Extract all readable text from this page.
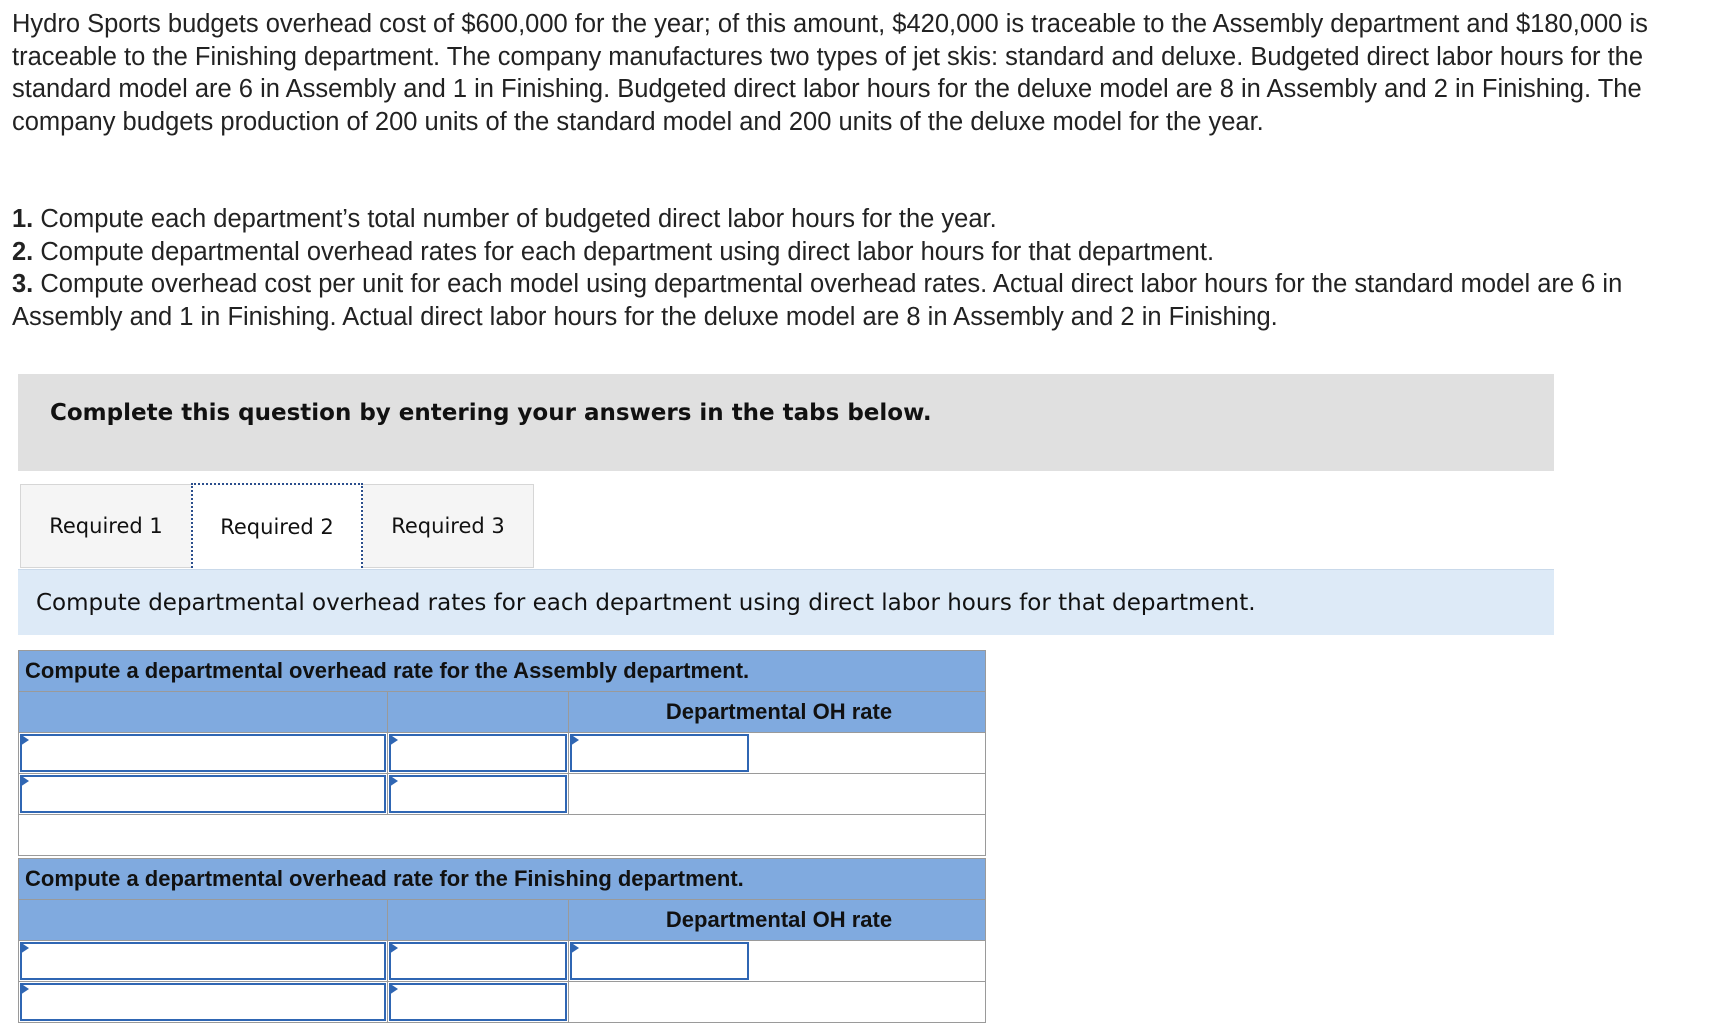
Hydro Sports budgets overhead cost of $600,000 for the year; of this amount, $420,000 is traceable to the Assembly department and $180,000 is traceable to the Finishing department. The company manufactures two types of jet skis: standard and deluxe. Budgeted direct labor hours for the standard model are 6 in Assembly and 1 in Finishing. Budgeted direct labor hours for the deluxe model are 8 in Assembly and 2 in Finishing. The company budgets production of 200 units of the standard model and 200 units of the deluxe model for the year.

1. Compute each department’s total number of budgeted direct labor hours for the year.

2. Compute departmental overhead rates for each department using direct labor hours for that department.

3. Compute overhead cost per unit for each model using departmental overhead rates. Actual direct labor hours for the standard model are 6 in Assembly and 1 in Finishing. Actual direct labor hours for the deluxe model are 8 in Assembly and 2 in Finishing.

Complete this question by entering your answers in the tabs below.
Required 1	Required 3
Required 2
Compute departmental overhead rates for each department using direct labor hours for that department.
Compute a departmental overhead rate for the Assembly department.		
		Departmental OH rate

Compute a departmental overhead rate for the Finishing department.		
		Departmental OH rate
